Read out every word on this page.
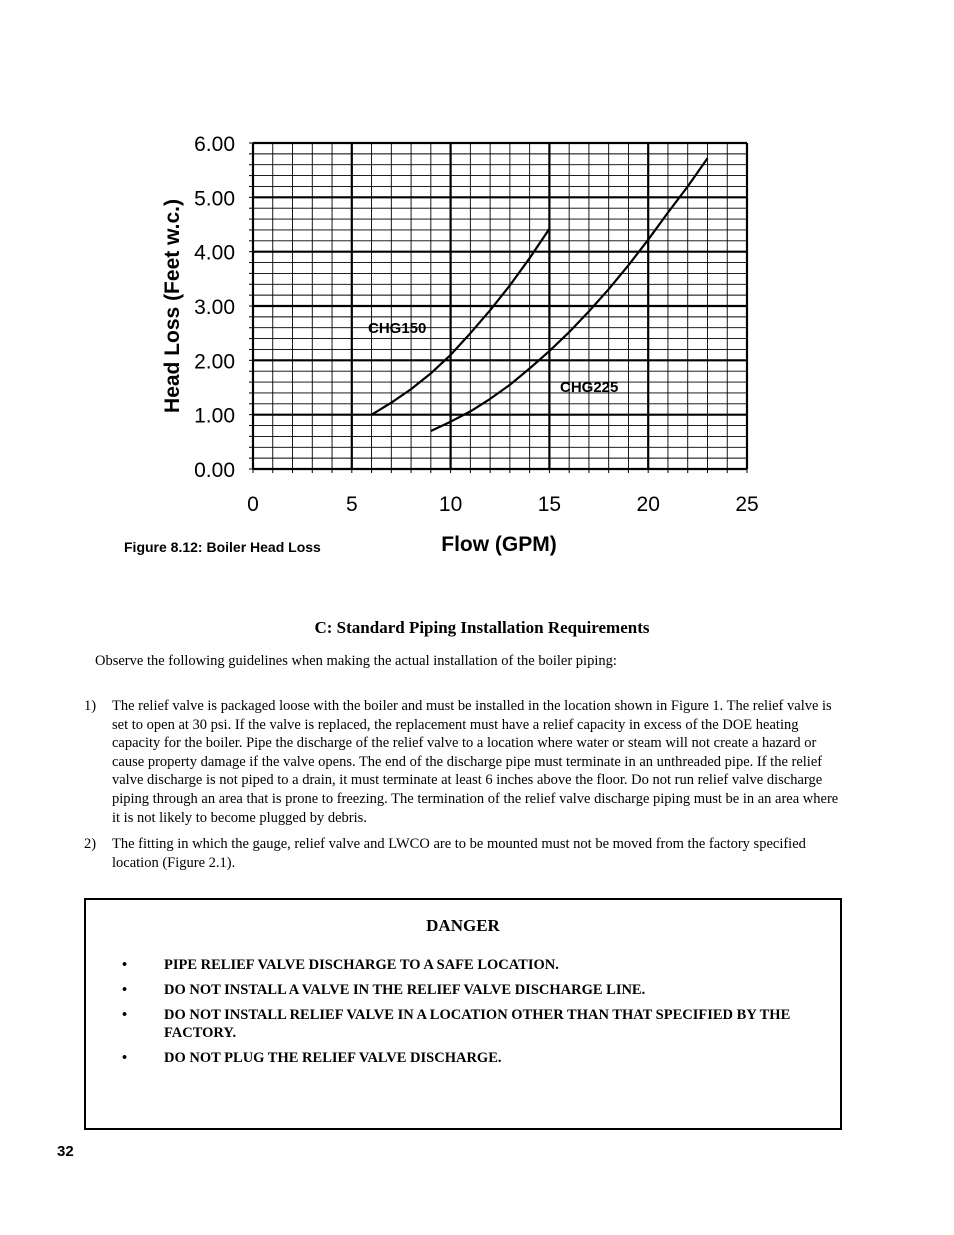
0.00
1.00
2.00
3.00
4.00
5.00
6.00
0	5	10	15	20	25
CHG150
CHG225
Head Loss (Feet w.c.)
Flow (GPM)
Figure 8.12: Boiler Head Loss
C: Standard Piping Installation Requirements
Observe the following guidelines when making the actual installation of the boiler piping:
1) The relief valve is packaged loose with the boiler and must be installed in the location shown in Figure 1. The relief valve is set to open at 30 psi. If the valve is replaced, the replacement must have a relief capacity in excess of the DOE heating capacity for the boiler. Pipe the discharge of the relief valve to a location where water or steam will not create a hazard or cause property damage if the valve opens. The end of the discharge pipe must terminate in an unthreaded pipe. If the relief valve discharge is not piped to a drain, it must terminate at least 6 inches above the floor. Do not run relief valve discharge piping through an area that is prone to freezing. The termination of the relief valve discharge piping must be in an area where it is not likely to become plugged by debris.
2) The fitting in which the gauge, relief valve and LWCO are to be mounted must not be moved from the factory specified location (Figure 2.1).
DANGER
•	PIPE RELIEF VALVE DISCHARGE TO A SAFE LOCATION.
•	DO NOT INSTALL A VALVE IN THE RELIEF VALVE DISCHARGE LINE.
•	DO NOT INSTALL RELIEF VALVE IN A LOCATION OTHER THAN THAT SPECIFIED BY THE FACTORY.
•	DO NOT PLUG THE RELIEF VALVE DISCHARGE.
32
